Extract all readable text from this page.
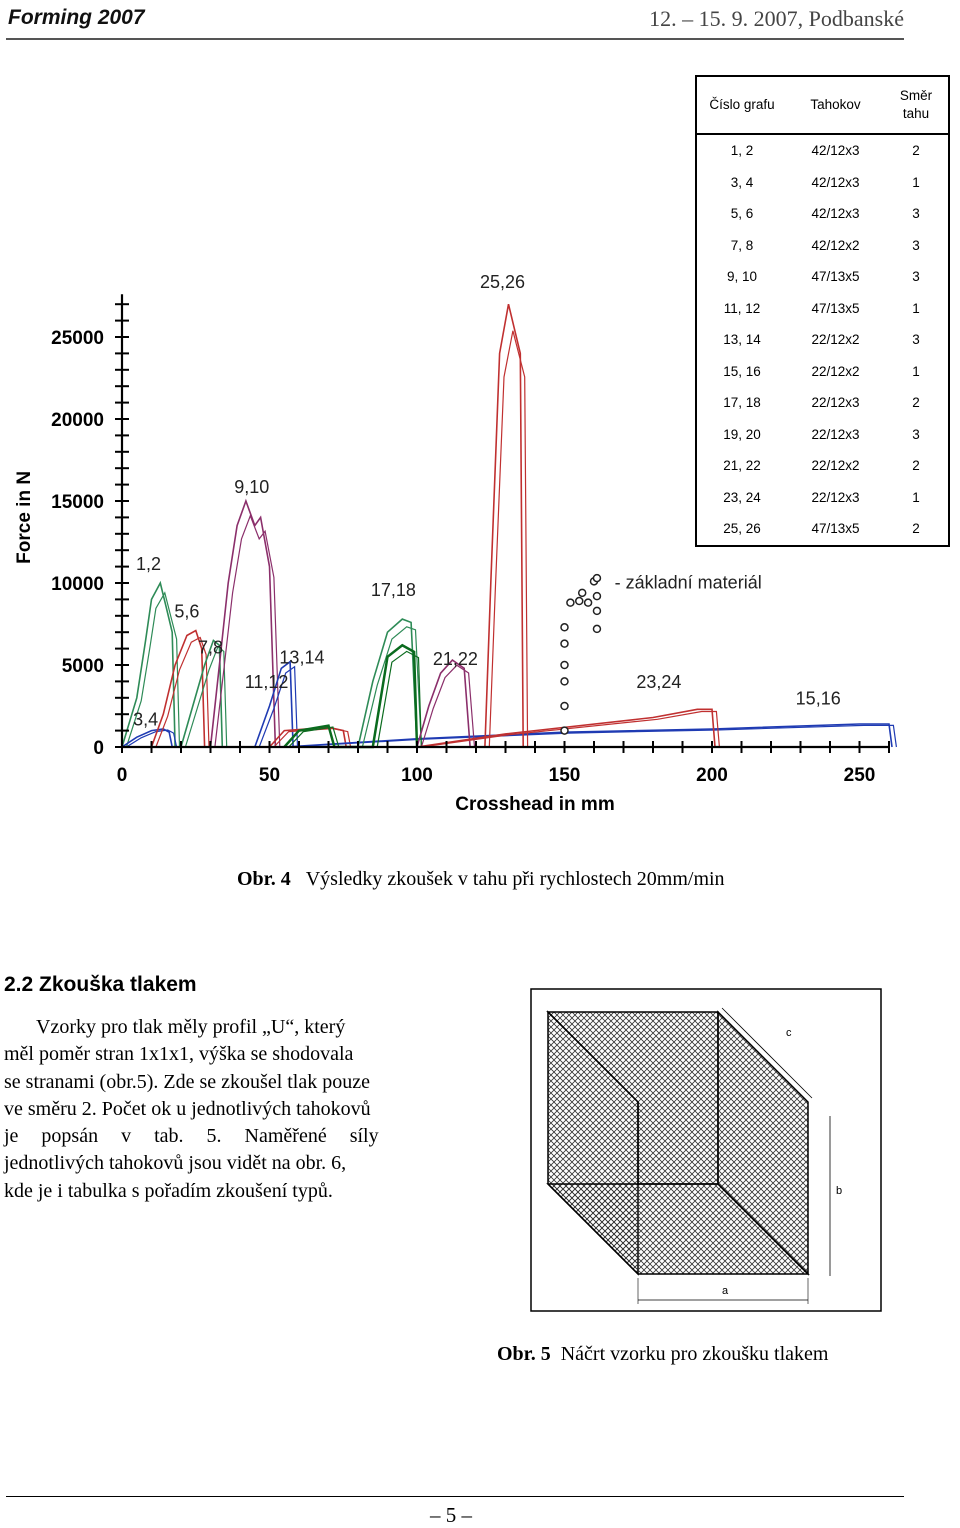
Forming 2007	12. – 15. 9. 2007, Podbanské
Číslo grafu	Tahokov	Směr tahu
1, 2	42/12x3	2
3, 4	42/12x3	1
5, 6	42/12x3	3
7, 8	42/12x2	3
9, 10	47/13x5	3
11, 12	47/13x5	1
13, 14	22/12x2	3
15, 16	22/12x2	1
17, 18	22/12x3	2
19, 20	22/12x3	3
21, 22	22/12x2	2
23, 24	22/12x3	1
25, 26	47/13x5	2
0	50	100	150	200	250
0
5000
10000
15000
20000
25000
Crosshead in mm
Force in N
- základní materiál
1,2
3,4
5,6
7,8
9,10
11,12
13,14
15,16
17,18
21,22
23,24
25,26
Obr. 4 Výsledky zkoušek v tahu při rychlostech 20mm/min
2.2 Zkouška tlakem
Vzorky pro tlak měly profil „U“, který
měl poměr stran 1x1x1, výška se shodovala
se stranami (obr.5). Zde se zkoušel tlak pouze
ve směru 2. Počet ok u jednotlivých tahokovů
je popsán v tab. 5. Naměřené síly
jednotlivých tahokovů jsou vidět na obr. 6,
kde je i tabulka s pořadím zkoušení typů.
c
b
a
Obr. 5 Náčrt vzorku pro zkoušku tlakem
– 5 –
